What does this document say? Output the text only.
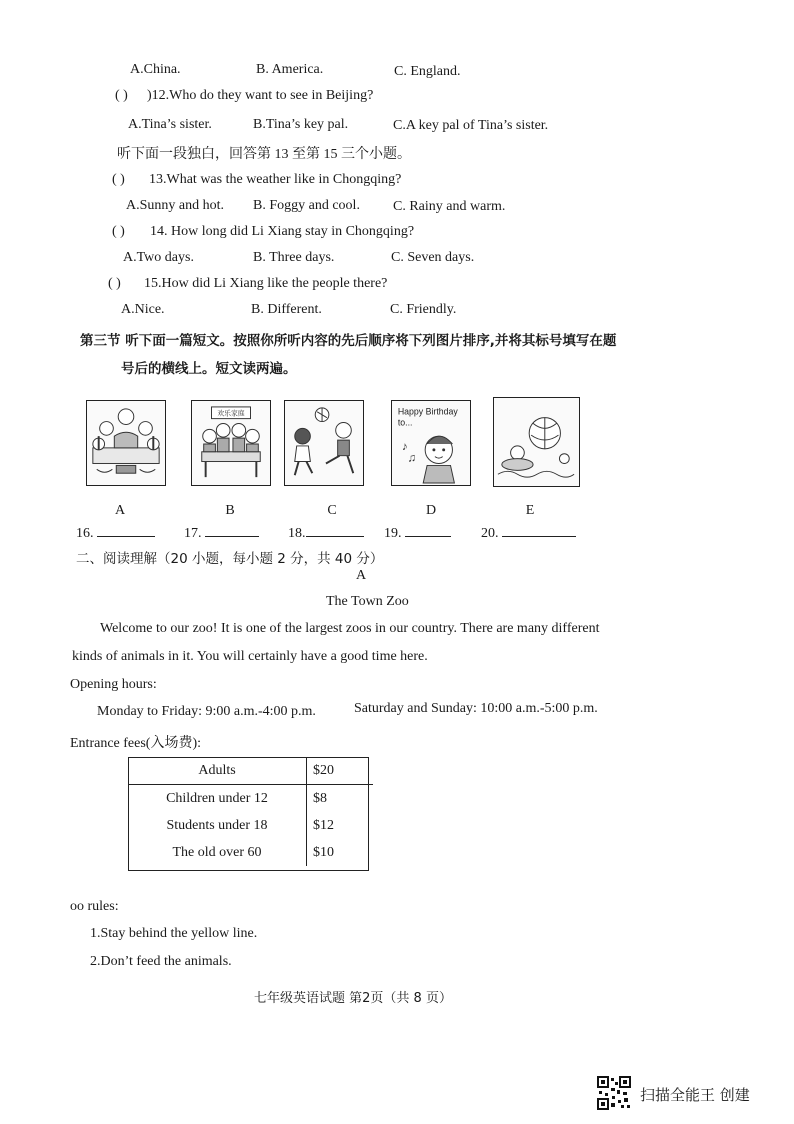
A.China.	B. America.	C. England.
( ) )12.Who do they want to see in Beijing?
A.Tina’s sister.	B.Tina’s key pal.	C.A key pal of Tina’s sister.
听下面一段独白，回答第 13 至第 15 三个小题。
( ) 13.What was the weather like in Chongqing?
A.Sunny and hot. B. Foggy and cool. C. Rainy and warm.
( ) 14. How long did Li Xiang stay in Chongqing?
A.Two days.	B. Three days.	C. Seven days.
( ) 15.How did Li Xiang like the people there?
A.Nice.	B. Different.	C. Friendly.
第三节 听下面一篇短文。按照你所听内容的先后顺序将下列图片排序,并将其标号填写在题
号后的横线上。短文读两遍。
欢乐家庭	Happy Birthday
to...
♪
♫
A	B	C	D	E
16.	17.	18.	19.	20.
二、阅读理解（20 小题，每小题 2 分，共 40 分）
A
The Town Zoo
Welcome to our zoo! It is one of the largest zoos in our country. There are many different
kinds of animals in it. You will certainly have a good time here.
Opening hours:
Monday to Friday: 9:00 a.m.-4:00 p.m.	Saturday and Sunday: 10:00 a.m.-5:00 p.m.
Entrance fees(入场费):
Adults	$20
Children under 12	$8
Students under 18	$12
The old over 60	$10
oo rules:
1.Stay behind the yellow line.
2.Don’t feed the animals.
七年级英语试题 第2页（共 8 页）
扫描全能王 创建
